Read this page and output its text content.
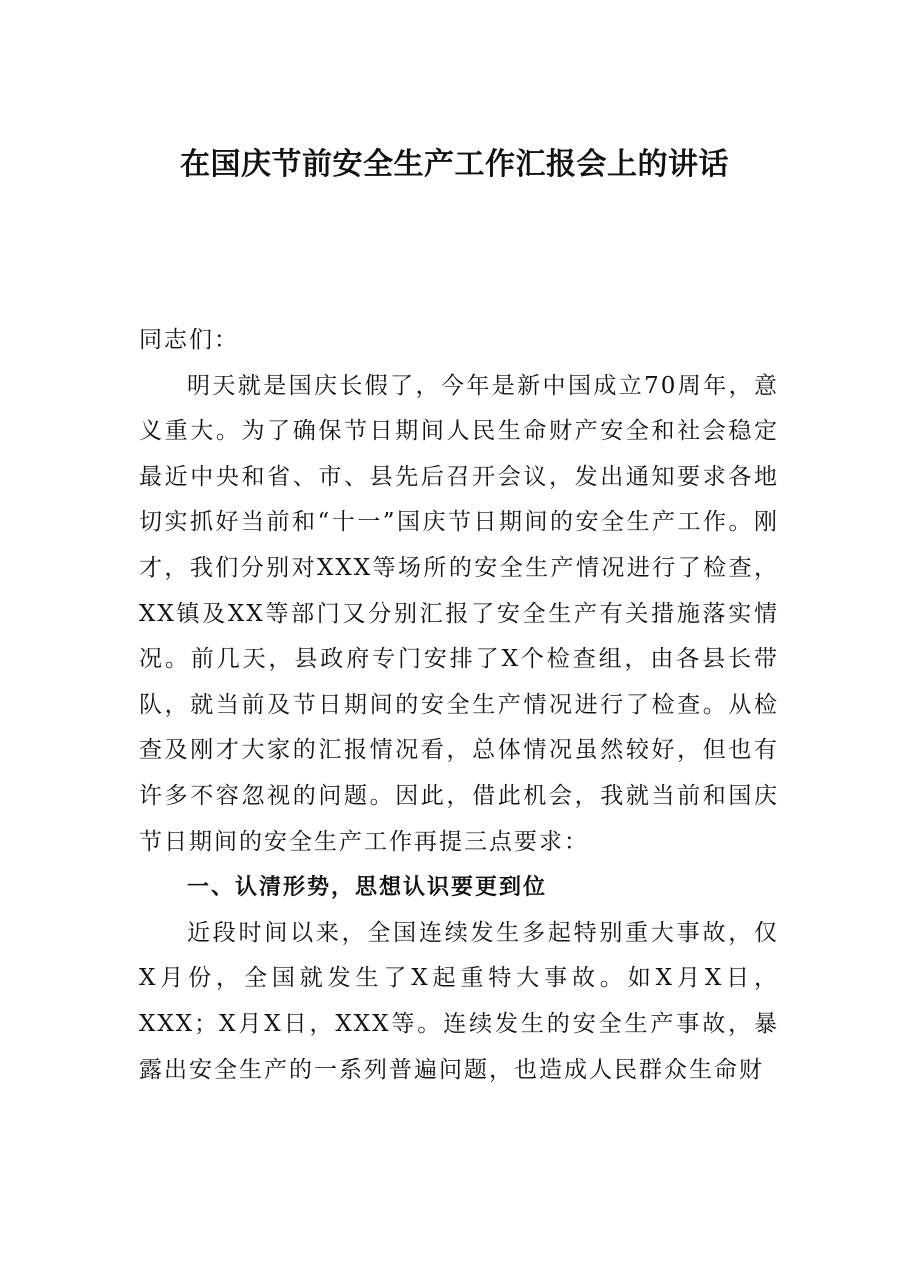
在国庆节前安全生产工作汇报会上的讲话

同志们：

明天就是国庆长假了，今年是新中国成立70周年，意义重大。为了确保节日期间人民生命财产安全和社会稳定最近中央和省、市、县先后召开会议，发出通知要求各地切实抓好当前和“十一”国庆节日期间的安全生产工作。刚才，我们分别对XXX等场所的安全生产情况进行了检查，XX镇及XX等部门又分别汇报了安全生产有关措施落实情况。前几天，县政府专门安排了X个检查组，由各县长带队，就当前及节日期间的安全生产情况进行了检查。从检查及刚才大家的汇报情况看，总体情况虽然较好，但也有许多不容忽视的问题。因此，借此机会，我就当前和国庆节日期间的安全生产工作再提三点要求：

一、认清形势，思想认识要更到位

近段时间以来，全国连续发生多起特别重大事故，仅X月份，全国就发生了X起重特大事故。如X月X日，XXX；X月X日，XXX等。连续发生的安全生产事故，暴露出安全生产的一系列普遍问题，也造成人民群众生命财
